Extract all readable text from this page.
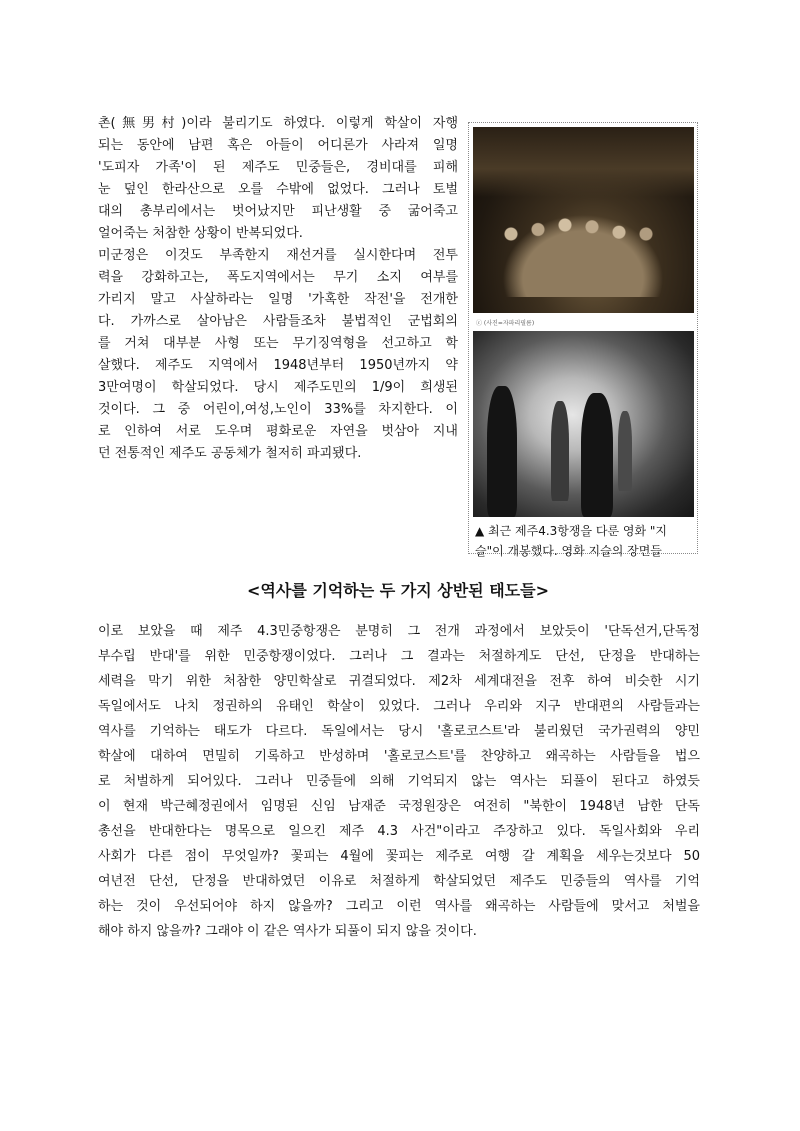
촌(無男村)이라 불리기도 하였다. 이렇게 학살이 자행

되는 동안에 남편 혹은 아들이 어디론가 사라져 일명

'도피자 가족'이 된 제주도 민중들은, 경비대를 피해

눈 덮인 한라산으로 오를 수밖에 없었다. 그러나 토벌

대의 총부리에서는 벗어났지만 피난생활 중 굶어죽고

얼어죽는 처참한 상황이 반복되었다.

미군정은 이것도 부족한지 재선거를 실시한다며 전투

력을 강화하고는, 폭도지역에서는 무기 소지 여부를

가리지 말고 사살하라는 일명 '가혹한 작전'을 전개한

다. 가까스로 살아남은 사람들조차 불법적인 군법회의

를 거쳐 대부분 사형 또는 무기징역형을 선고하고 학

살했다. 제주도 지역에서 1948년부터 1950년까지 약

3만여명이 학살되었다. 당시 제주도민의 1/9이 희생된

것이다. 그 중 어린이,여성,노인이 33%를 차지한다. 이

로 인하여 서로 도우며 평화로운 자연을 벗삼아 지내

던 전통적인 제주도 공동체가 철저히 파괴됐다.

ⓒ (사진=자파리필름)
▲ 최근 제주4.3항쟁을 다룬 영화 "지
슬"이 개봉했다. 영화 지슬의 장면들
<역사를 기억하는 두 가지 상반된 태도들>

이로 보았을 때 제주 4.3민중항쟁은 분명히 그 전개 과정에서 보았듯이 '단독선거,단독정

부수립 반대'를 위한 민중항쟁이었다. 그러나 그 결과는 처절하게도 단선, 단정을 반대하는

세력을 막기 위한 처참한 양민학살로 귀결되었다. 제2차 세계대전을 전후 하여 비슷한 시기

독일에서도 나치 정권하의 유태인 학살이 있었다. 그러나 우리와 지구 반대편의 사람들과는

역사를 기억하는 태도가 다르다. 독일에서는 당시 '홀로코스트'라 불리웠던 국가권력의 양민

학살에 대하여 면밀히 기록하고 반성하며 '홀로코스트'를 찬양하고 왜곡하는 사람들을 법으

로 처벌하게 되어있다. 그러나 민중들에 의해 기억되지 않는 역사는 되풀이 된다고 하였듯

이 현재 박근혜정권에서 임명된 신임 남재준 국정원장은 여전히 "북한이 1948년 남한 단독

총선을 반대한다는 명목으로 일으킨 제주 4.3 사건"이라고 주장하고 있다. 독일사회와 우리

사회가 다른 점이 무엇일까? 꽃피는 4월에 꽃피는 제주로 여행 갈 계획을 세우는것보다 50

여년전 단선, 단정을 반대하였던 이유로 처절하게 학살되었던 제주도 민중들의 역사를 기억

하는 것이 우선되어야 하지 않을까? 그리고 이런 역사를 왜곡하는 사람들에 맞서고 처벌을

해야 하지 않을까? 그래야 이 같은 역사가 되풀이 되지 않을 것이다.
